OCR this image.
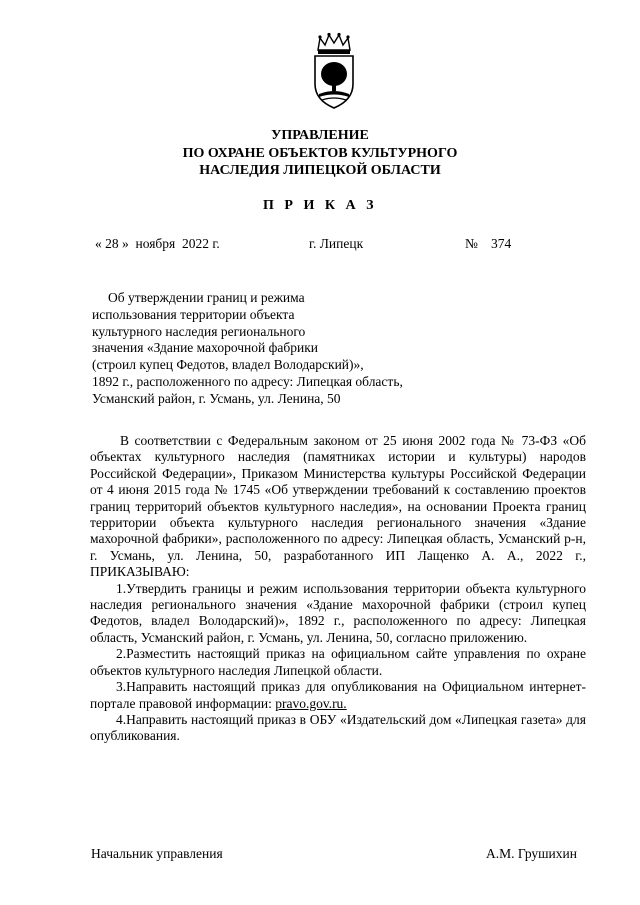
УПРАВЛЕНИЕ
ПО ОХРАНЕ ОБЪЕКТОВ КУЛЬТУРНОГО
НАСЛЕДИЯ ЛИПЕЦКОЙ ОБЛАСТИ
П Р И К А З
« 28 »  ноября  2022 г.	г. Липецк	№ 374
Об утверждении границ и режима
использования территории объекта
культурного наследия регионального
значения «Здание махорочной фабрики
(строил купец Федотов, владел Володарский)»,
1892 г., расположенного по адресу: Липецкая область,
Усманский район, г. Усмань, ул. Ленина, 50

В соответствии с Федеральным законом от 25 июня 2002 года № 73-ФЗ «Об объектах культурного наследия (памятниках истории и культуры) народов Российской Федерации», Приказом Министерства культуры Российской Федерации от 4 июня 2015 года № 1745 «Об утверждении требований к составлению проектов границ территорий объектов культурного наследия», на основании Проекта границ территории объекта культурного наследия регионального значения «Здание махорочной фабрики», расположенного по адресу: Липецкая область, Усманский р-н, г. Усмань, ул. Ленина, 50, разработанного ИП Лащенко А. А., 2022 г., ПРИКАЗЫВАЮ:

1.Утвердить границы и режим использования территории объекта культурного наследия регионального значения «Здание махорочной фабрики (строил купец Федотов, владел Володарский)», 1892 г., расположенного по адресу: Липецкая область, Усманский район, г. Усмань, ул. Ленина, 50, согласно приложению.

2.Разместить настоящий приказ на официальном сайте управления по охране объектов культурного наследия Липецкой области.

3.Направить настоящий приказ для опубликования на Официальном интернет-портале правовой информации: pravo.gov.ru.

4.Направить настоящий приказ в ОБУ «Издательский дом «Липецкая газета» для опубликования.

Начальник управления	А.М. Грушихин
